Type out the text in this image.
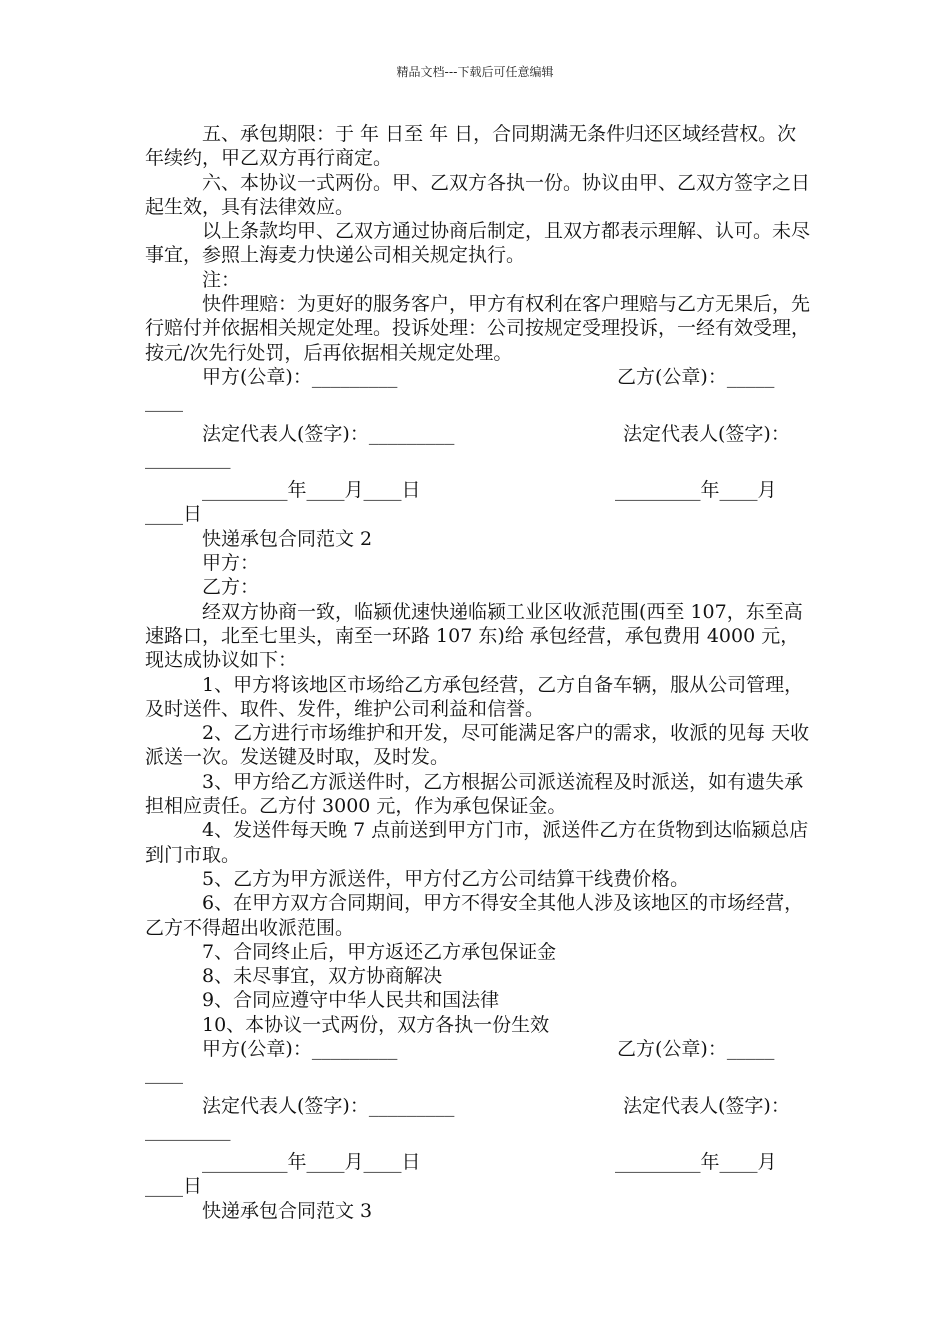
精品文档---下载后可任意编辑

五、承包期限：于 年 日至 年 日，合同期满无条件归还区域经营权。次年续约，甲乙双方再行商定。

六、本协议一式两份。甲、乙双方各执一份。协议由甲、乙双方签字之日起生效，具有法律效应。

以上条款均甲、乙双方通过协商后制定，且双方都表示理解、认可。未尽事宜，参照上海麦力快递公司相关规定执行。

注：

快件理赔：为更好的服务客户，甲方有权利在客户理赔与乙方无果后，先行赔付并依据相关规定处理。投诉处理：公司按规定受理投诉，一经有效受理，按元/次先行处罚，后再依据相关规定处理。

甲方(公章)：_________

	乙方(公章)：_____

____

法定代表人(签字)：_________

	法定代表人(签字)：

_________

_________年____月____日

	_________年____月

____日

快递承包合同范文 2

甲方：

乙方：

经双方协商一致，临颍优速快递临颍工业区收派范围(西至 107，东至高速路口，北至七里头，南至一环路 107 东)给 承包经营，承包费用 4000 元，现达成协议如下：

1、甲方将该地区市场给乙方承包经营，乙方自备车辆，服从公司管理，及时送件、取件、发件，维护公司利益和信誉。

2、乙方进行市场维护和开发，尽可能满足客户的需求，收派的见每 天收派送一次。发送键及时取，及时发。

3、甲方给乙方派送件时，乙方根据公司派送流程及时派送，如有遗失承担相应责任。乙方付 3000 元，作为承包保证金。

4、发送件每天晚 7 点前送到甲方门市，派送件乙方在货物到达临颍总店到门市取。

5、乙方为甲方派送件，甲方付乙方公司结算干线费价格。

6、在甲方双方合同期间，甲方不得安全其他人涉及该地区的市场经营，乙方不得超出收派范围。

7、合同终止后，甲方返还乙方承包保证金

8、未尽事宜，双方协商解决

9、合同应遵守中华人民共和国法律

10、本协议一式两份，双方各执一份生效

甲方(公章)：_________

	乙方(公章)：_____

____

法定代表人(签字)：_________

	法定代表人(签字)：

_________

_________年____月____日

	_________年____月

____日

快递承包合同范文 3
